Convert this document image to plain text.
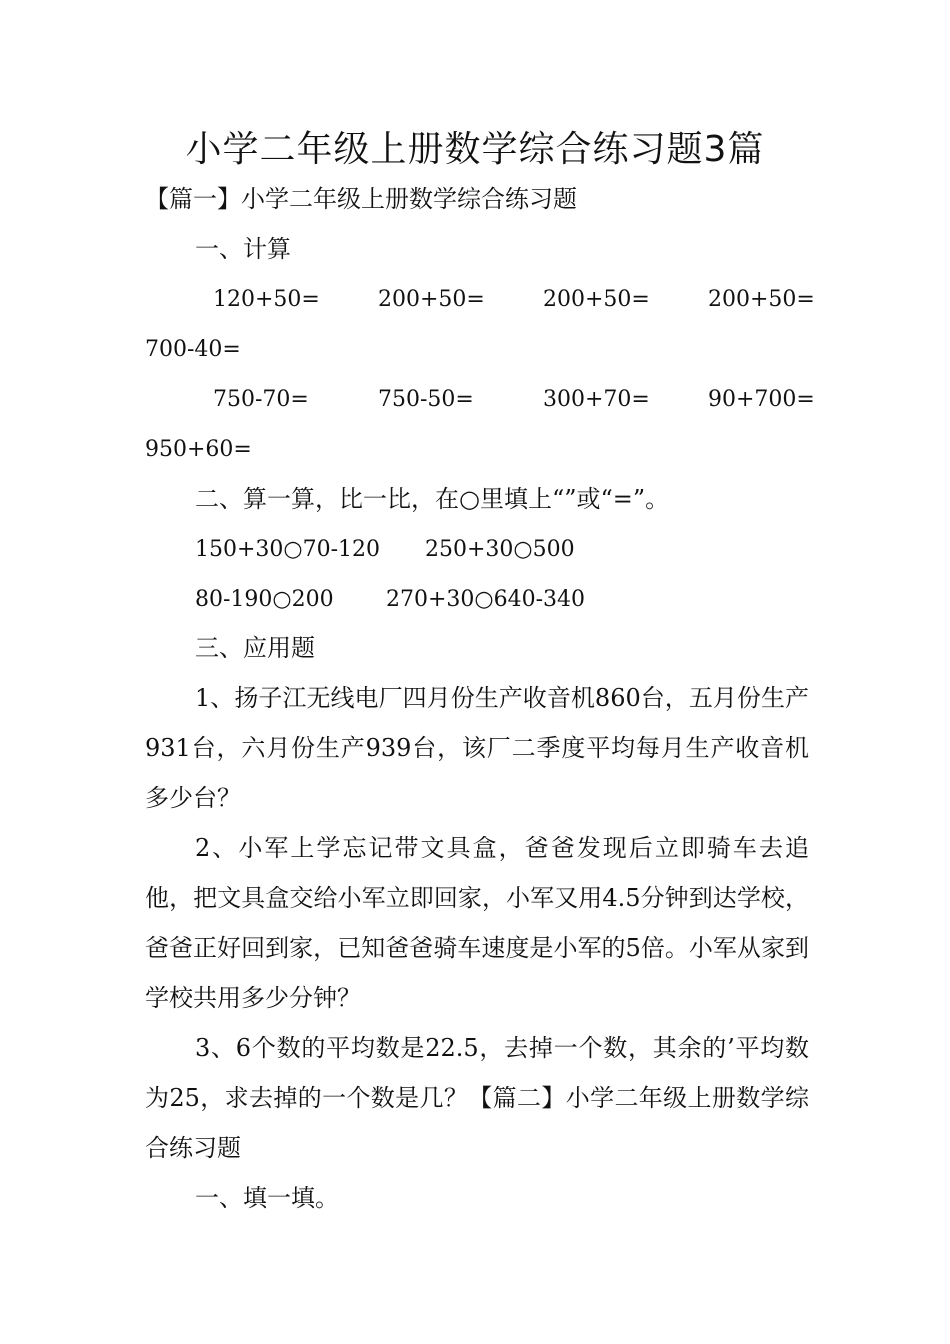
小学二年级上册数学综合练习题3篇
【篇一】小学二年级上册数学综合练习题
一、计算
120+50=	200+50=	200+50=	200+50=
700-40=
750-70=	750-50=	300+70=	90+700=
950+60=
二、算一算，比一比，在○里填上“”或“=”。
150+30○70-120 250+30○500
80-190○200 270+30○640-340
三、应用题
1、扬子江无线电厂四月份生产收音机860台，五月份生产931台，六月份生产939台，该厂二季度平均每月生产收音机多少台？
2、小军上学忘记带文具盒，爸爸发现后立即骑车去追他，把文具盒交给小军立即回家，小军又用4.5分钟到达学校，爸爸正好回到家，已知爸爸骑车速度是小军的5倍。小军从家到学校共用多少分钟？
3、6个数的平均数是22.5，去掉一个数，其余的’平均数为25，求去掉的一个数是几？【篇二】小学二年级上册数学综合练习题
一、填一填。
